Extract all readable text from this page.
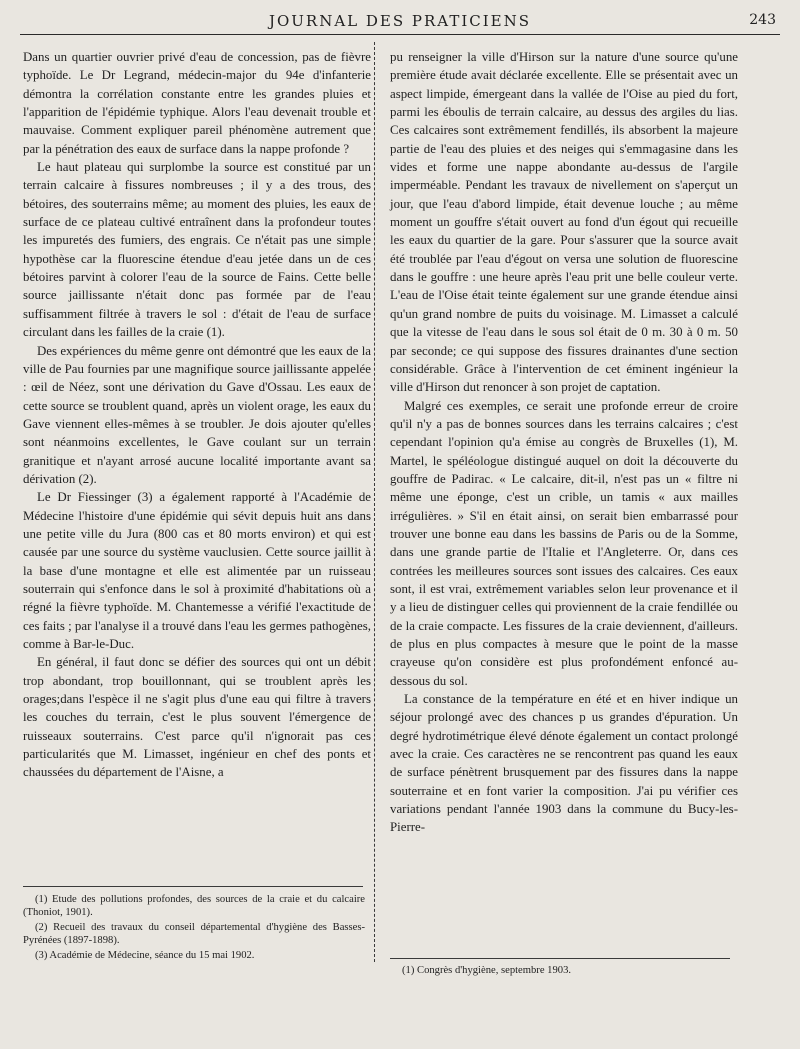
JOURNAL DES PRATICIENS	243

Dans un quartier ouvrier privé d'eau de concession, pas de fièvre typhoïde. Le Dr Legrand, médecin-major du 94e d'infanterie démontra la corrélation constante entre les grandes pluies et l'apparition de l'épidémie typhique. Alors l'eau devenait trouble et mauvaise. Comment expliquer pareil phénomène autrement que par la pénétration des eaux de surface dans la nappe profonde ?

Le haut plateau qui surplombe la source est constitué par un terrain calcaire à fissures nombreuses ; il y a des trous, des bétoires, des souterrains même; au moment des pluies, les eaux de surface de ce plateau cultivé entraînent dans la profondeur toutes les impuretés des fumiers, des engrais. Ce n'était pas une simple hypothèse car la fluorescine étendue d'eau jetée dans un de ces bétoires parvint à colorer l'eau de la source de Fains. Cette belle source jaillissante n'était donc pas formée par de l'eau suffisamment filtrée à travers le sol : d'était de l'eau de surface circulant dans les failles de la craie (1).

Des expériences du même genre ont démontré que les eaux de la ville de Pau fournies par une magnifique source jaillissante appelée : œil de Néez, sont une dérivation du Gave d'Ossau. Les eaux de cette source se troublent quand, après un violent orage, les eaux du Gave viennent elles-mêmes à se troubler. Je dois ajouter qu'elles sont néanmoins excellentes, le Gave coulant sur un terrain granitique et n'ayant arrosé aucune localité importante avant sa dérivation (2).

Le Dr Fiessinger (3) a également rapporté à l'Académie de Médecine l'histoire d'une épidémie qui sévit depuis huit ans dans une petite ville du Jura (800 cas et 80 morts environ) et qui est causée par une source du système vauclusien. Cette source jaillit à la base d'une montagne et elle est alimentée par un ruisseau souterrain qui s'enfonce dans le sol à proximité d'habitations où a régné la fièvre typhoïde. M. Chantemesse a vérifié l'exactitude de ces faits ; par l'analyse il a trouvé dans l'eau les germes pathogènes, comme à Bar-le-Duc.

En général, il faut donc se défier des sources qui ont un débit trop abondant, trop bouillonnant, qui se troublent après les orages;dans l'espèce il ne s'agit plus d'une eau qui filtre à travers les couches du terrain, c'est le plus souvent l'émergence de ruisseaux souterrains. C'est parce qu'il n'ignorait pas ces particularités que M. Limasset, ingénieur en chef des ponts et chaussées du département de l'Aisne, a

pu renseigner la ville d'Hirson sur la nature d'une source qu'une première étude avait déclarée excellente. Elle se présentait avec un aspect limpide, émergeant dans la vallée de l'Oise au pied du fort, parmi les éboulis de terrain calcaire, au dessus des argiles du lias. Ces calcaires sont extrêmement fendillés, ils absorbent la majeure partie de l'eau des pluies et des neiges qui s'emmagasine dans les vides et forme une nappe abondante au-dessus de l'argile imperméable. Pendant les travaux de nivellement on s'aperçut un jour, que l'eau d'abord limpide, était devenue louche ; au même moment un gouffre s'était ouvert au fond d'un égout qui recueille les eaux du quartier de la gare. Pour s'assurer que la source avait été troublée par l'eau d'égout on versa une solution de fluorescine dans le gouffre : une heure après l'eau prit une belle couleur verte. L'eau de l'Oise était teinte également sur une grande étendue ainsi qu'un grand nombre de puits du voisinage. M. Limasset a calculé que la vitesse de l'eau dans le sous sol était de 0 m. 30 à 0 m. 50 par seconde; ce qui suppose des fissures drainantes d'une section considérable. Grâce à l'intervention de cet éminent ingénieur la ville d'Hirson dut renoncer à son projet de captation.

Malgré ces exemples, ce serait une profonde erreur de croire qu'il n'y a pas de bonnes sources dans les terrains calcaires ; c'est cependant l'opinion qu'a émise au congrès de Bruxelles (1), M. Martel, le spéléologue distingué auquel on doit la découverte du gouffre de Padirac. « Le calcaire, dit-il, n'est pas un « filtre ni même une éponge, c'est un crible, un tamis « aux mailles irrégulières. » S'il en était ainsi, on serait bien embarrassé pour trouver une bonne eau dans les bassins de Paris ou de la Somme, dans une grande partie de l'Italie et l'Angleterre. Or, dans ces contrées les meilleures sources sont issues des calcaires. Ces eaux sont, il est vrai, extrêmement variables selon leur provenance et il y a lieu de distinguer celles qui proviennent de la craie fendillée ou de la craie compacte. Les fissures de la craie deviennent, d'ailleurs. de plus en plus compactes à mesure que le point de la masse crayeuse qu'on considère est plus profondément enfoncé au-dessous du sol.

La constance de la température en été et en hiver indique un séjour prolongé avec des chances p us grandes d'épuration. Un degré hydrotimétrique élevé dénote également un contact prolongé avec la craie. Ces caractères ne se rencontrent pas quand les eaux de surface pénètrent brusquement par des fissures dans la nappe souterraine et en font varier la composition. J'ai pu vérifier ces variations pendant l'année 1903 dans la commune du Bucy-les-Pierre-

(1) Etude des pollutions profondes, des sources de la craie et du calcaire (Thoniot, 1901).

(2) Recueil des travaux du conseil départemental d'hygiène des Basses-Pyrénées (1897-1898).

(3) Académie de Médecine, séance du 15 mai 1902.

(1) Congrès d'hygiène, septembre 1903.
